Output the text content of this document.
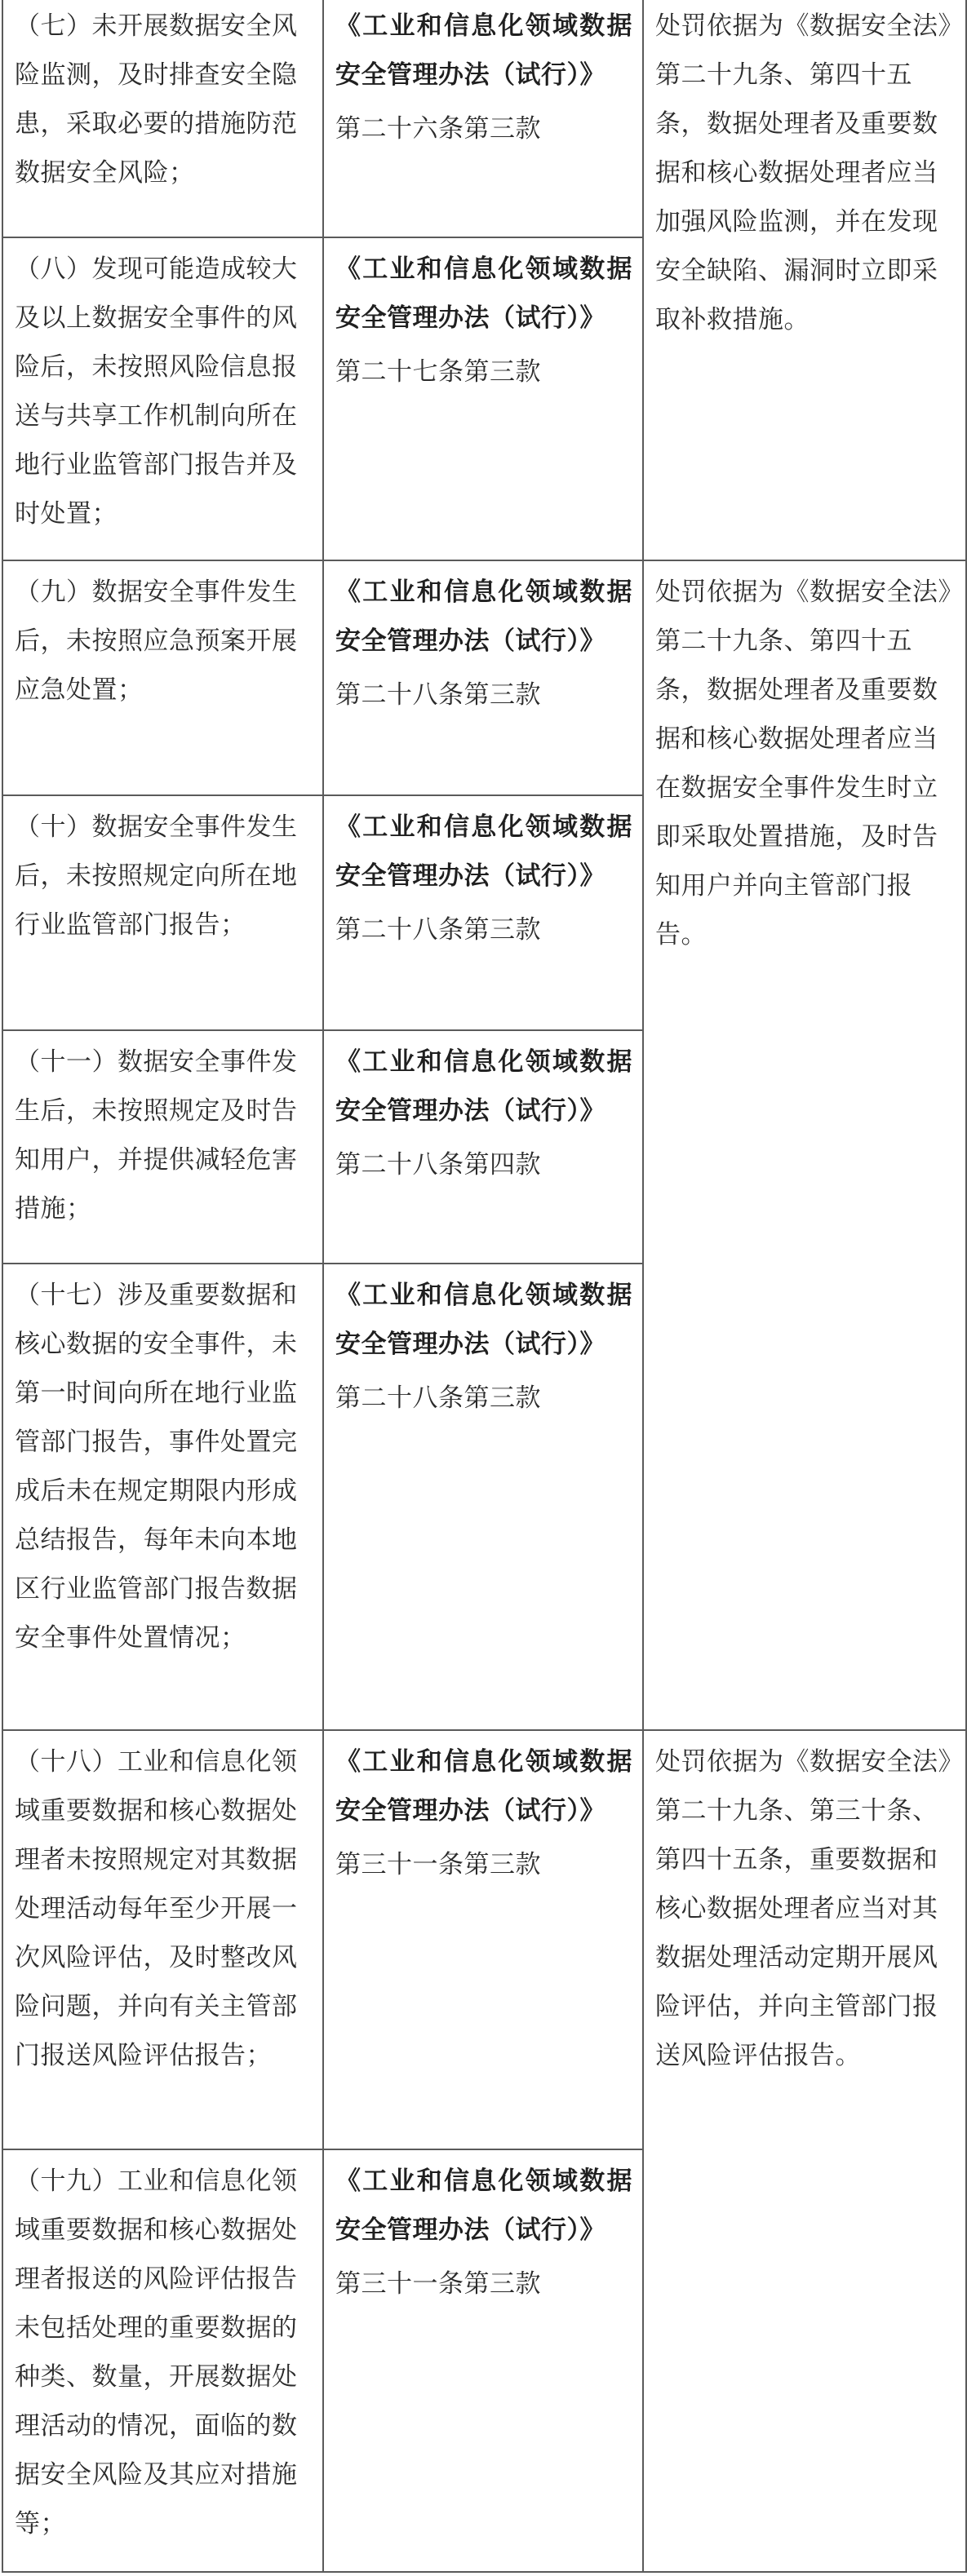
（七）未开展数据安全风险监测，及时排查安全隐患，采取必要的措施防范数据安全风险；	《工业和信息化领域数据安全管理办法（试行）》
第二十六条第三款	处罚依据为《数据安全法》第二十九条、第四十五条，数据处理者及重要数据和核心数据处理者应当加强风险监测，并在发现安全缺陷、漏洞时立即采取补救措施。

（八）发现可能造成较大及以上数据安全事件的风险后，未按照风险信息报送与共享工作机制向所在地行业监管部门报告并及时处置；	《工业和信息化领域数据安全管理办法（试行）》
第二十七条第三款	

（九）数据安全事件发生后，未按照应急预案开展应急处置；	《工业和信息化领域数据安全管理办法（试行）》
第二十八条第三款	处罚依据为《数据安全法》第二十九条、第四十五条，数据处理者及重要数据和核心数据处理者应当在数据安全事件发生时立即采取处置措施，及时告知用户并向主管部门报告。

（十）数据安全事件发生后，未按照规定向所在地行业监管部门报告；	《工业和信息化领域数据安全管理办法（试行）》
第二十八条第三款	

（十一）数据安全事件发生后，未按照规定及时告知用户，并提供减轻危害措施；	《工业和信息化领域数据安全管理办法（试行）》
第二十八条第四款	

（十七）涉及重要数据和核心数据的安全事件，未第一时间向所在地行业监管部门报告，事件处置完成后未在规定期限内形成总结报告，每年未向本地区行业监管部门报告数据安全事件处置情况；	《工业和信息化领域数据安全管理办法（试行）》
第二十八条第三款	

（十八）工业和信息化领域重要数据和核心数据处理者未按照规定对其数据处理活动每年至少开展一次风险评估，及时整改风险问题，并向有关主管部门报送风险评估报告；	《工业和信息化领域数据安全管理办法（试行）》
第三十一条第三款	处罚依据为《数据安全法》第二十九条、第三十条、第四十五条，重要数据和核心数据处理者应当对其数据处理活动定期开展风险评估，并向主管部门报送风险评估报告。

（十九）工业和信息化领域重要数据和核心数据处理者报送的风险评估报告未包括处理的重要数据的种类、数量，开展数据处理活动的情况，面临的数据安全风险及其应对措施等；	《工业和信息化领域数据安全管理办法（试行）》
第三十一条第三款	
